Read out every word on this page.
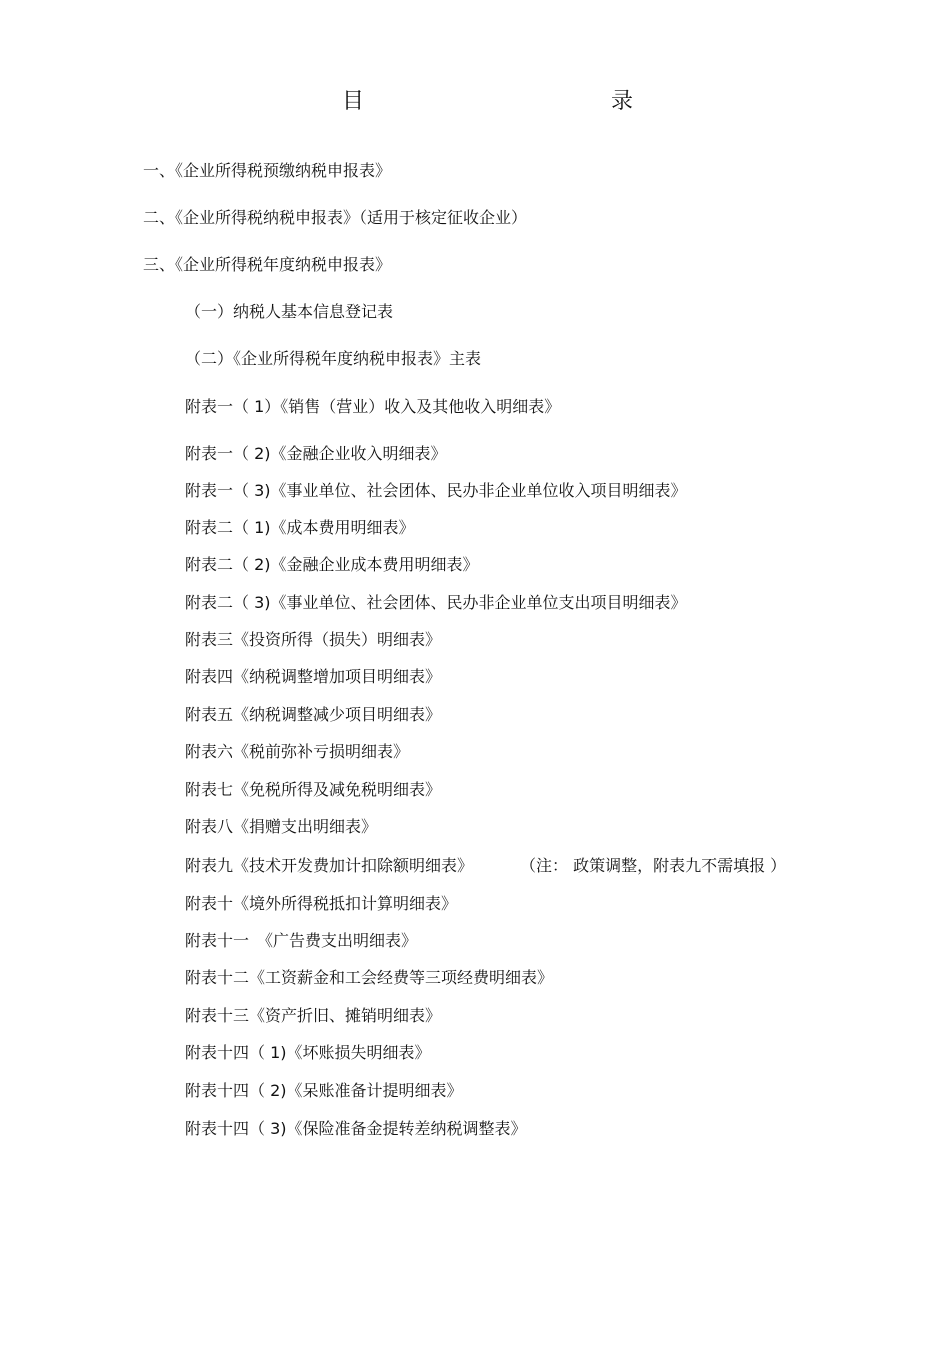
目	录
一、《企业所得税预缴纳税申报表》
二、《企业所得税纳税申报表》（适用于核定征收企业）
三、《企业所得税年度纳税申报表》
（一）纳税人基本信息登记表
（二）《企业所得税年度纳税申报表》主表
附表一（ 1）《销售（营业）收入及其他收入明细表》
附表一（ 2)《金融企业收入明细表》
附表一（ 3)《事业单位、社会团体、民办非企业单位收入项目明细表》
附表二（ 1)《成本费用明细表》
附表二（ 2)《金融企业成本费用明细表》
附表二（ 3)《事业单位、社会团体、民办非企业单位支出项目明细表》
附表三《投资所得（损失）明细表》
附表四《纳税调整增加项目明细表》
附表五《纳税调整减少项目明细表》
附表六《税前弥补亏损明细表》
附表七《免税所得及减免税明细表》
附表八《捐赠支出明细表》
附表九《技术开发费加计扣除额明细表》	（注： 政策调整，附表九不需填报 ）
附表十《境外所得税抵扣计算明细表》
附表十一　《广告费支出明细表》
附表十二《工资薪金和工会经费等三项经费明细表》
附表十三《资产折旧、摊销明细表》
附表十四（ 1)《坏账损失明细表》
附表十四（ 2)《呆账准备计提明细表》
附表十四（ 3)《保险准备金提转差纳税调整表》
